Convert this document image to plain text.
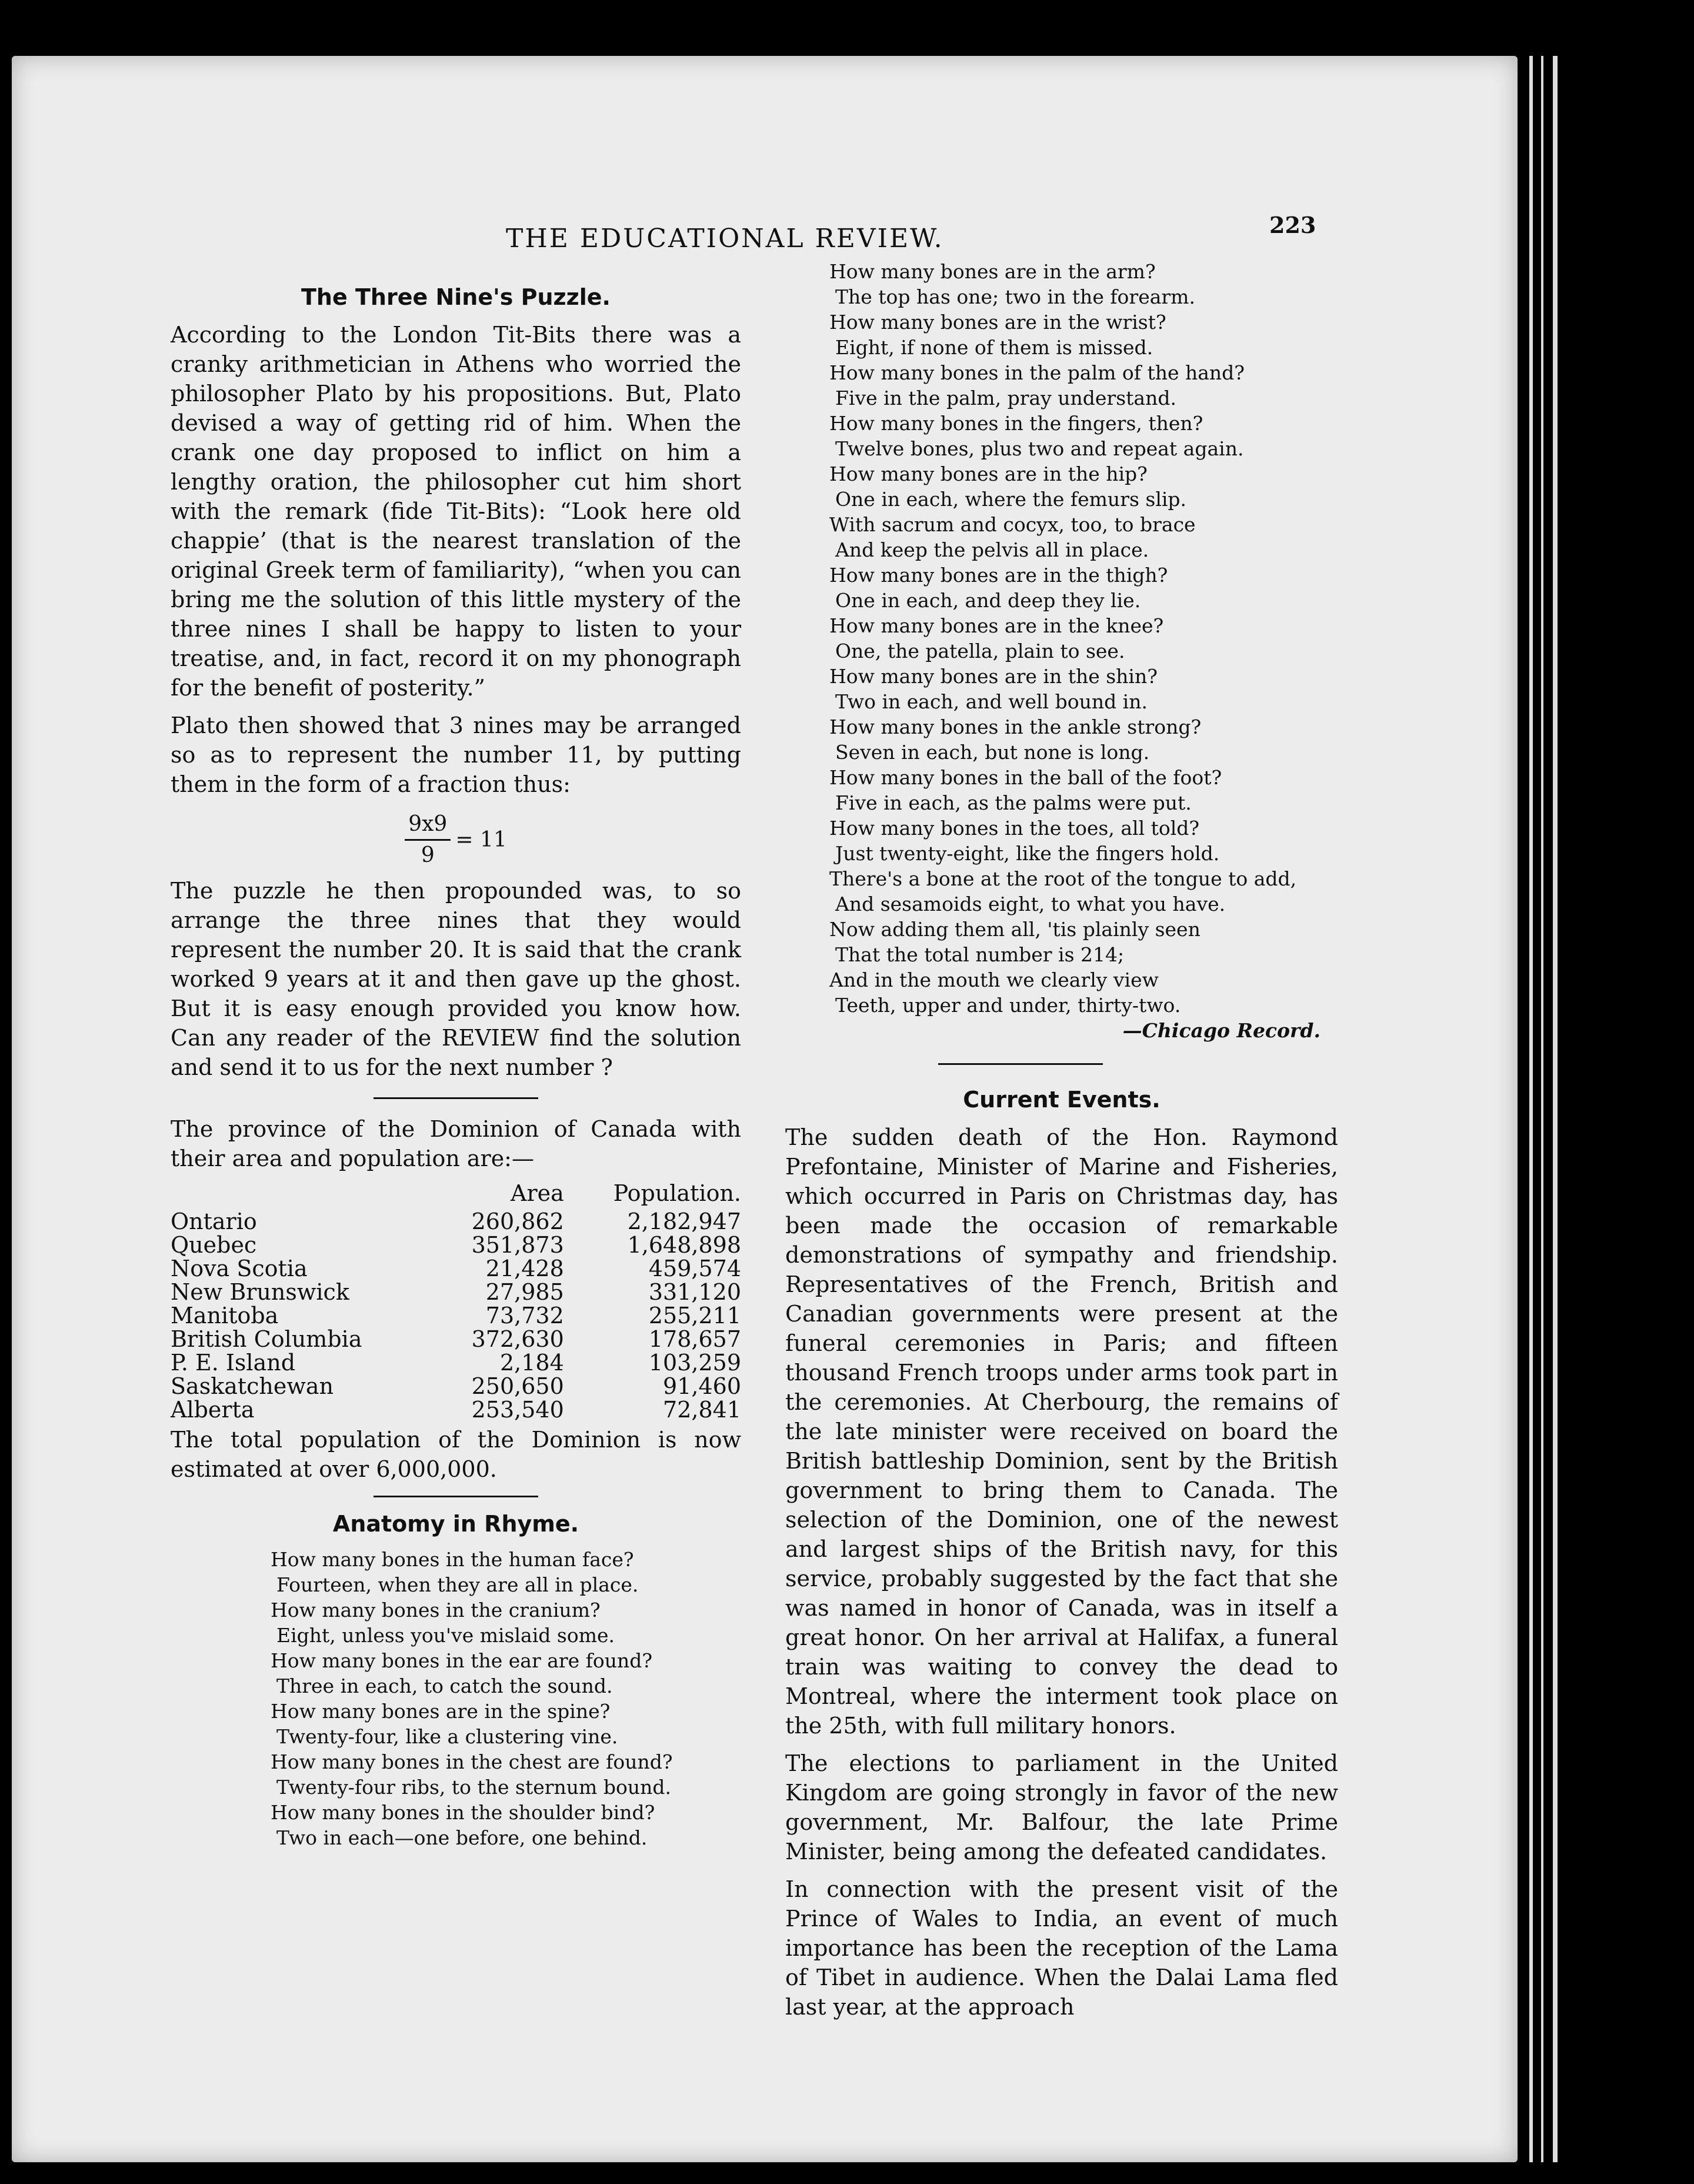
THE EDUCATIONAL REVIEW.	223
The Three Nine's Puzzle.

According to the London Tit-Bits there was a cranky arithmetician in Athens who worried the philosopher Plato by his propositions. But, Plato devised a way of getting rid of him. When the crank one day proposed to inflict on him a lengthy oration, the philosopher cut him short with the remark (fide Tit-Bits): “Look here old chappie’ (that is the nearest translation of the original Greek term of familiarity), “when you can bring me the solution of this little mystery of the three nines I shall be happy to listen to your treatise, and, in fact, record it on my phonograph for the benefit of posterity.”

Plato then showed that 3 nines may be arranged so as to represent the number 11, by putting them in the form of a fraction thus:

$\frac{9x9}{9} = 11$

The puzzle he then propounded was, to so arrange the three nines that they would represent the number 20. It is said that the crank worked 9 years at it and then gave up the ghost. But it is easy enough provided you know how. Can any reader of the REVIEW find the solution and send it to us for the next number ?

The province of the Dominion of Canada with their area and population are:—

	Area	Population.
Ontario	260,862	2,182,947
Quebec	351,873	1,648,898
Nova Scotia	21,428	459,574
New Brunswick	27,985	331,120
Manitoba	73,732	255,211
British Columbia	372,630	178,657
P. E. Island	2,184	103,259
Saskatchewan	250,650	91,460
Alberta	253,540	72,841

The total population of the Dominion is now estimated at over 6,000,000.

Anatomy in Rhyme.
How many bones in the human face?
Fourteen, when they are all in place.
How many bones in the cranium?
Eight, unless you've mislaid some.
How many bones in the ear are found?
Three in each, to catch the sound.
How many bones are in the spine?
Twenty-four, like a clustering vine.
How many bones in the chest are found?
Twenty-four ribs, to the sternum bound.
How many bones in the shoulder bind?
Two in each—one before, one behind.
How many bones are in the arm?
The top has one; two in the forearm.
How many bones are in the wrist?
Eight, if none of them is missed.
How many bones in the palm of the hand?
Five in the palm, pray understand.
How many bones in the fingers, then?
Twelve bones, plus two and repeat again.
How many bones are in the hip?
One in each, where the femurs slip.
With sacrum and cocyx, too, to brace
And keep the pelvis all in place.
How many bones are in the thigh?
One in each, and deep they lie.
How many bones are in the knee?
One, the patella, plain to see.
How many bones are in the shin?
Two in each, and well bound in.
How many bones in the ankle strong?
Seven in each, but none is long.
How many bones in the ball of the foot?
Five in each, as the palms were put.
How many bones in the toes, all told?
Just twenty-eight, like the fingers hold.
There's a bone at the root of the tongue to add,
And sesamoids eight, to what you have.
Now adding them all, 'tis plainly seen
That the total number is 214;
And in the mouth we clearly view
Teeth, upper and under, thirty-two.
—Chicago Record.
Current Events.

The sudden death of the Hon. Raymond Prefontaine, Minister of Marine and Fisheries, which occurred in Paris on Christmas day, has been made the occasion of remarkable demonstrations of sympathy and friendship. Representatives of the French, British and Canadian governments were present at the funeral ceremonies in Paris; and fifteen thousand French troops under arms took part in the ceremonies. At Cherbourg, the remains of the late minister were received on board the British battleship Dominion, sent by the British government to bring them to Canada. The selection of the Dominion, one of the newest and largest ships of the British navy, for this service, probably suggested by the fact that she was named in honor of Canada, was in itself a great honor. On her arrival at Halifax, a funeral train was waiting to convey the dead to Montreal, where the interment took place on the 25th, with full military honors.

The elections to parliament in the United Kingdom are going strongly in favor of the new government, Mr. Balfour, the late Prime Minister, being among the defeated candidates.

In connection with the present visit of the Prince of Wales to India, an event of much importance has been the reception of the Lama of Tibet in audience. When the Dalai Lama fled last year, at the approach
